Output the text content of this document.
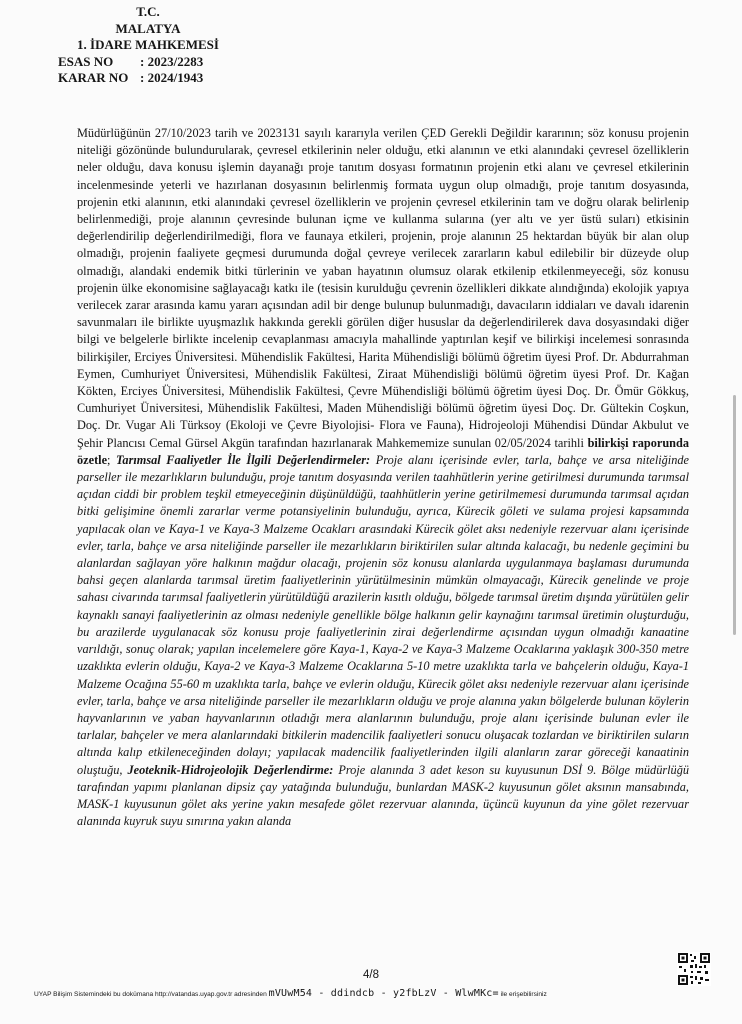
T.C.
MALATYA
1. İDARE MAHKEMESİ
ESAS NO	: 2023/2283
KARAR NO : 2024/1943

Müdürlüğünün 27/10/2023 tarih ve 2023131 sayılı kararıyla verilen ÇED Gerekli Değildir kararının; söz konusu projenin niteliği gözönünde bulundurularak, çevresel etkilerinin neler olduğu, etki alanının ve etki alanındaki çevresel özelliklerin neler olduğu, dava konusu işlemin dayanağı proje tanıtım dosyası formatının projenin etki alanı ve çevresel etkilerinin incelenmesinde yeterli ve hazırlanan dosyasının belirlenmiş formata uygun olup olmadığı, proje tanıtım dosyasında, projenin etki alanının, etki alanındaki çevresel özelliklerin ve projenin çevresel etkilerinin tam ve doğru olarak belirlenip belirlenmediği, proje alanının çevresinde bulunan içme ve kullanma sularına (yer altı ve yer üstü suları) etkisinin değerlendirilip değerlendirilmediği, flora ve faunaya etkileri, projenin, proje alanının 25 hektardan büyük bir alan olup olmadığı, projenin faaliyete geçmesi durumunda doğal çevreye verilecek zararların kabul edilebilir bir düzeyde olup olmadığı, alandaki endemik bitki türlerinin ve yaban hayatının olumsuz olarak etkilenip etkilenmeyeceği, söz konusu projenin ülke ekonomisine sağlayacağı katkı ile (tesisin kurulduğu çevrenin özellikleri dikkate alındığında) ekolojik yapıya verilecek zarar arasında kamu yararı açısından adil bir denge bulunup bulunmadığı, davacıların iddiaları ve davalı idarenin savunmaları ile birlikte uyuşmazlık hakkında gerekli görülen diğer hususlar da değerlendirilerek dava dosyasındaki diğer bilgi ve belgelerle birlikte incelenip cevaplanması amacıyla mahallinde yaptırılan keşif ve bilirkişi incelemesi sonrasında bilirkişiler, Erciyes Üniversitesi. Mühendislik Fakültesi, Harita Mühendisliği bölümü öğretim üyesi Prof. Dr. Abdurrahman Eymen, Cumhuriyet Üniversitesi, Mühendislik Fakültesi, Ziraat Mühendisliği bölümü öğretim üyesi Prof. Dr. Kağan Kökten, Erciyes Üniversitesi, Mühendislik Fakültesi, Çevre Mühendisliği bölümü öğretim üyesi Doç. Dr. Ömür Gökkuş, Cumhuriyet Üniversitesi, Mühendislik Fakültesi, Maden Mühendisliği bölümü öğretim üyesi Doç. Dr. Gültekin Coşkun, Doç. Dr. Vugar Ali Türksoy (Ekoloji ve Çevre Biyolojisi- Flora ve Fauna), Hidrojeoloji Mühendisi Dündar Akbulut ve Şehir Plancısı Cemal Gürsel Akgün tarafından hazırlanarak Mahkememize sunulan 02/05/2024 tarihli bilirkişi raporunda özetle; Tarımsal Faaliyetler İle İlgili Değerlendirmeler: Proje alanı içerisinde evler, tarla, bahçe ve arsa niteliğinde parseller ile mezarlıkların bulunduğu, proje tanıtım dosyasında verilen taahhütlerin yerine getirilmesi durumunda tarımsal açıdan ciddi bir problem teşkil etmeyeceğinin düşünüldüğü, taahhütlerin yerine getirilmemesi durumunda tarımsal açıdan bitki gelişimine önemli zararlar verme potansiyelinin bulunduğu, ayrıca, Kürecik göleti ve sulama projesi kapsamında yapılacak olan ve Kaya-1 ve Kaya-3 Malzeme Ocakları arasındaki Kürecik gölet aksı nedeniyle rezervuar alanı içerisinde evler, tarla, bahçe ve arsa niteliğinde parseller ile mezarlıkların biriktirilen sular altında kalacağı, bu nedenle geçimini bu alanlardan sağlayan yöre halkının mağdur olacağı, projenin söz konusu alanlarda uygulanmaya başlaması durumunda bahsi geçen alanlarda tarımsal üretim faaliyetlerinin yürütülmesinin mümkün olmayacağı, Kürecik genelinde ve proje sahası civarında tarımsal faaliyetlerin yürütüldüğü arazilerin kısıtlı olduğu, bölgede tarımsal üretim dışında yürütülen gelir kaynaklı sanayi faaliyetlerinin az olması nedeniyle genellikle bölge halkının gelir kaynağını tarımsal üretimin oluşturduğu, bu arazilerde uygulanacak söz konusu proje faaliyetlerinin zirai değerlendirme açısından uygun olmadığı kanaatine varıldığı, sonuç olarak; yapılan incelemelere göre Kaya-1, Kaya-2 ve Kaya-3 Malzeme Ocaklarına yaklaşık 300-350 metre uzaklıkta evlerin olduğu, Kaya-2 ve Kaya-3 Malzeme Ocaklarına 5-10 metre uzaklıkta tarla ve bahçelerin olduğu, Kaya-1 Malzeme Ocağına 55-60 m uzaklıkta tarla, bahçe ve evlerin olduğu, Kürecik gölet aksı nedeniyle rezervuar alanı içerisinde evler, tarla, bahçe ve arsa niteliğinde parseller ile mezarlıkların olduğu ve proje alanına yakın bölgelerde bulunan köylerin hayvanlarının ve yaban hayvanlarının otladığı mera alanlarının bulunduğu, proje alanı içerisinde bulunan evler ile tarlalar, bahçeler ve mera alanlarındaki bitkilerin madencilik faaliyetleri sonucu oluşacak tozlardan ve biriktirilen suların altında kalıp etkileneceğinden dolayı; yapılacak madencilik faaliyetlerinden ilgili alanların zarar göreceği kanaatinin oluştuğu, Jeoteknik-Hidrojeolojik Değerlendirme: Proje alanında 3 adet keson su kuyusunun DSİ 9. Bölge müdürlüğü tarafından yapımı planlanan dipsiz çay yatağında bulunduğu, bunlardan MASK-2 kuyusunun gölet aksının mansabında, MASK-1 kuyusunun gölet aks yerine yakın mesafede gölet rezervuar alanında, üçüncü kuyunun da yine gölet rezervuar alanında kuyruk suyu sınırına yakın alanda

4/8
UYAP Bilişim Sistemindeki bu dokümana http://vatandas.uyap.gov.tr adresinden mVUwM54 - ddindcb - y2fbLzV - WlwMKc= ile erişebilirsiniz
